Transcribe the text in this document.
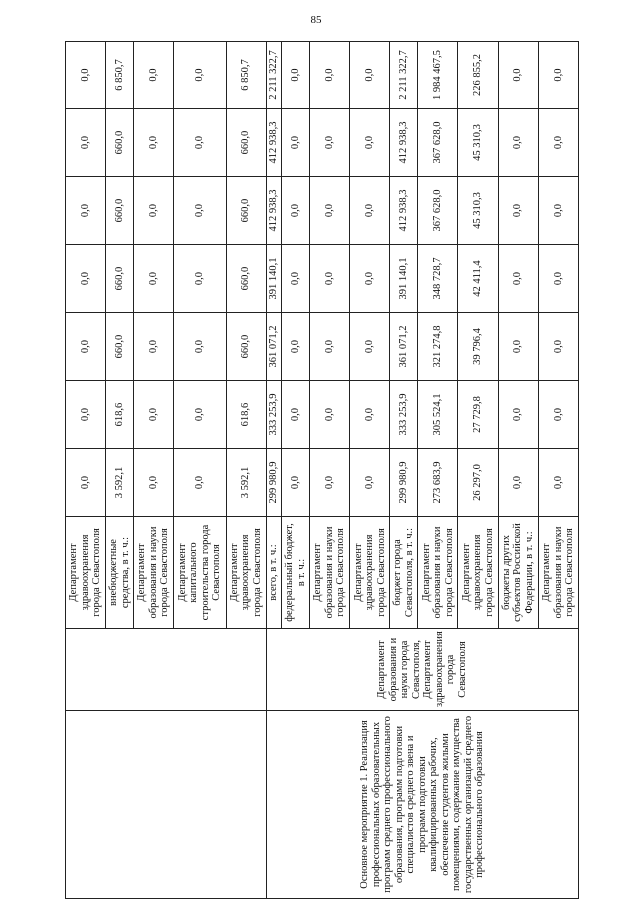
85
		Департамент здравоохранения города Севастополя	0,0	0,0	0,0	0,0	0,0	0,0	0,0
		внебюджетные средства, в т. ч.:	3 592,1	618,6	660,0	660,0	660,0	660,0	6 850,7
		Департамент образования и науки города Севастополя	0,0	0,0	0,0	0,0	0,0	0,0	0,0
		Департамент капитального строительства города Севастополя	0,0	0,0	0,0	0,0	0,0	0,0	0,0
		Департамент здравоохранения города Севастополя	3 592,1	618,6	660,0	660,0	660,0	660,0	6 850,7
Основное мероприятие 1. Реализация профессиональных образовательных программ среднего профессионального образования, программ подготовки специалистов среднего звена и программ подготовки квалифицированных рабочих, обеспечение студентов жилыми помещениями, содержание имущества государственных организаций среднего профессионального образования	Департамент образования и науки города Севастополя, Департамент здравоохранения города Севастополя	всего, в т. ч.:	299 980,9	333 253,9	361 071,2	391 140,1	412 938,3	412 938,3	2 211 322,7
		федеральный бюджет, в т. ч.:	0,0	0,0	0,0	0,0	0,0	0,0	0,0
		Департамент образования и науки города Севастополя	0,0	0,0	0,0	0,0	0,0	0,0	0,0
		Департамент здравоохранения города Севастополя	0,0	0,0	0,0	0,0	0,0	0,0	0,0
		бюджет города Севастополя, в т. ч.:	299 980,9	333 253,9	361 071,2	391 140,1	412 938,3	412 938,3	2 211 322,7
		Департамент образования и науки города Севастополя	273 683,9	305 524,1	321 274,8	348 728,7	367 628,0	367 628,0	1 984 467,5
		Департамент здравоохранения города Севастополя	26 297,0	27 729,8	39 796,4	42 411,4	45 310,3	45 310,3	226 855,2
		бюджеты других субъектов Российской Федерации, в т. ч.:	0,0	0,0	0,0	0,0	0,0	0,0	0,0
		Департамент образования и науки города Севастополя	0,0	0,0	0,0	0,0	0,0	0,0	0,0
